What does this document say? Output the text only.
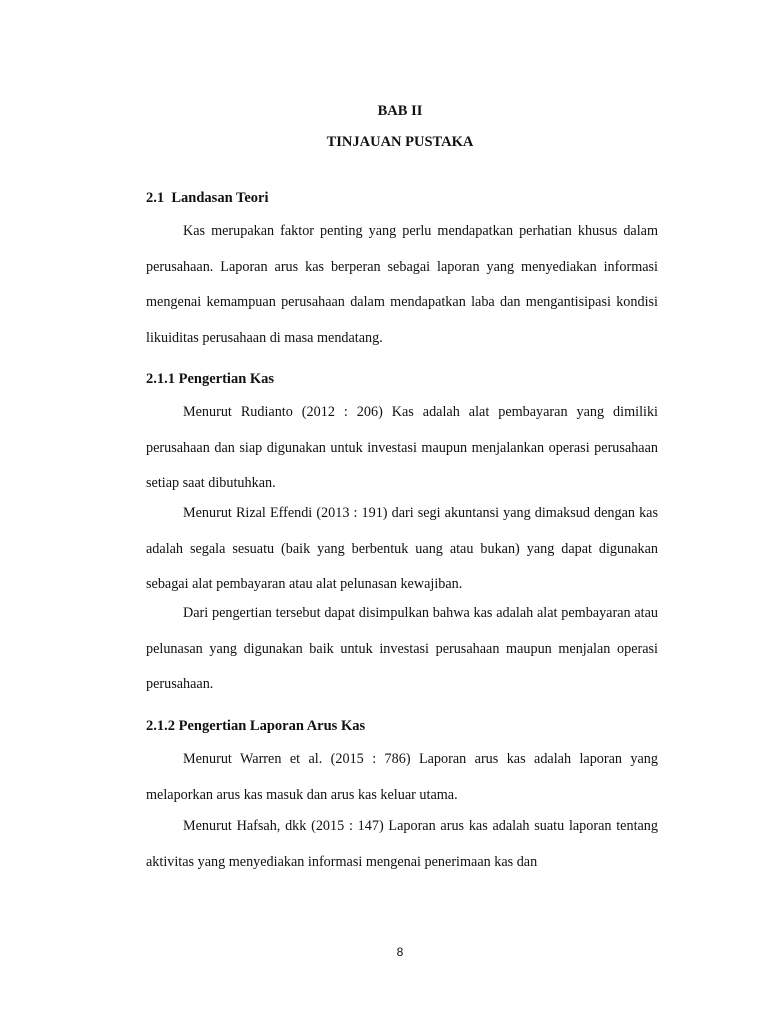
BAB II

TINJAUAN PUSTAKA

2.1  Landasan Teori

Kas merupakan faktor penting yang perlu mendapatkan perhatian khusus dalam perusahaan. Laporan arus kas berperan sebagai laporan yang menyediakan informasi mengenai kemampuan perusahaan dalam mendapatkan laba dan mengantisipasi kondisi likuiditas perusahaan di masa mendatang.

2.1.1 Pengertian Kas

Menurut Rudianto (2012 : 206) Kas adalah alat pembayaran yang dimiliki perusahaan dan siap digunakan untuk investasi maupun menjalankan operasi perusahaan setiap saat dibutuhkan.

Menurut Rizal Effendi (2013 : 191) dari segi akuntansi yang dimaksud dengan kas adalah segala sesuatu (baik yang berbentuk uang atau bukan) yang dapat digunakan sebagai alat pembayaran atau alat pelunasan kewajiban.

Dari pengertian tersebut dapat disimpulkan bahwa kas adalah alat pembayaran atau pelunasan yang digunakan baik untuk investasi perusahaan maupun menjalan operasi perusahaan.

2.1.2 Pengertian Laporan Arus Kas

Menurut Warren et al. (2015 : 786) Laporan arus kas adalah laporan yang melaporkan arus kas masuk dan arus kas keluar utama.

Menurut Hafsah, dkk (2015 : 147) Laporan arus kas adalah suatu laporan tentang aktivitas yang menyediakan informasi mengenai penerimaan kas dan

8
